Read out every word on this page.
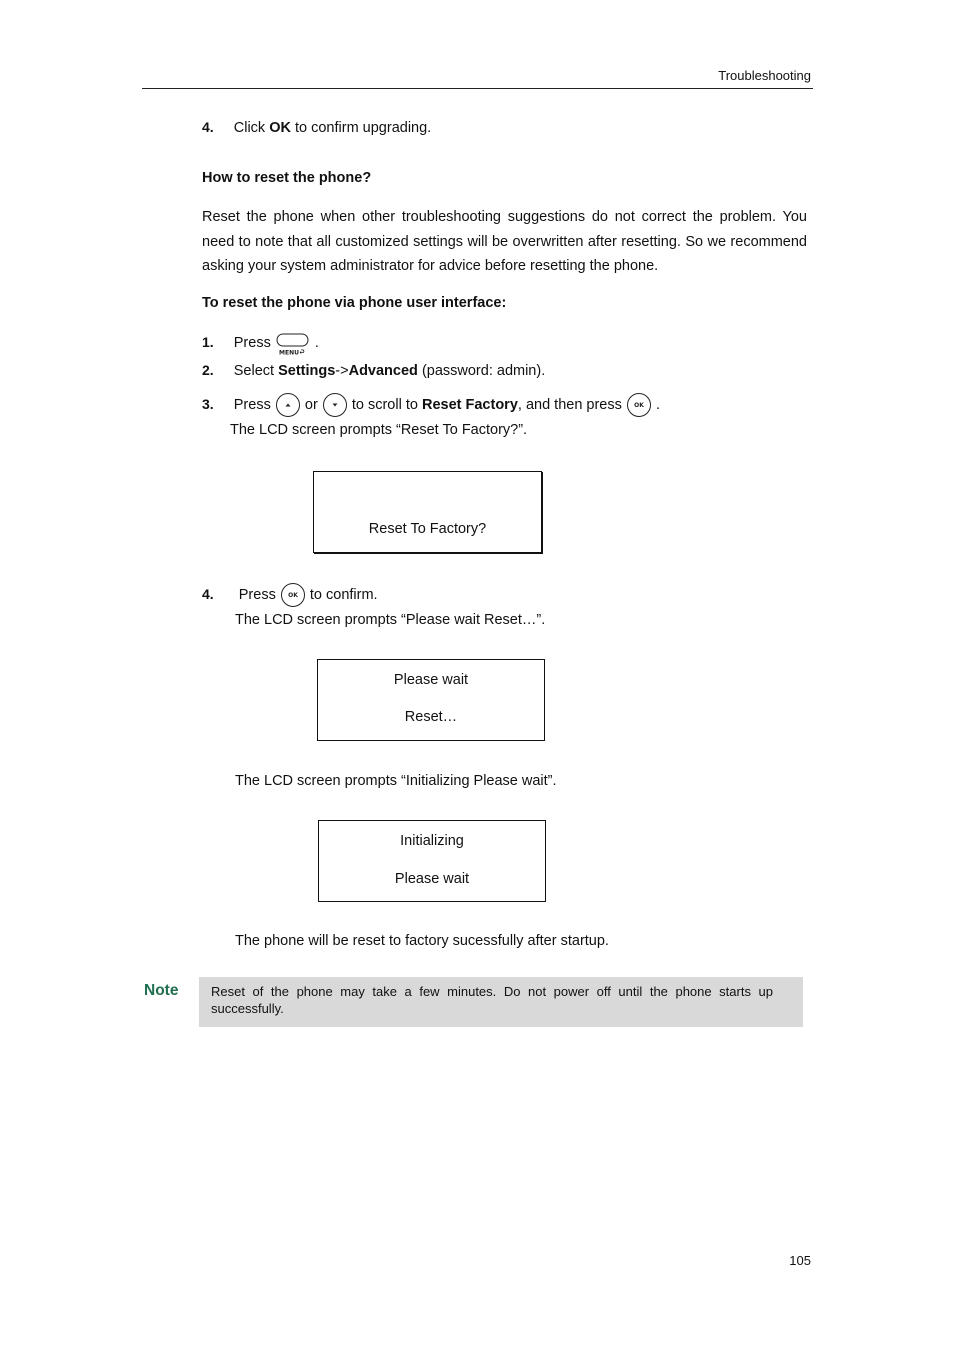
Troubleshooting
4. Click OK to confirm upgrading.
How to reset the phone?
Reset the phone when other troubleshooting suggestions do not correct the problem. You need to note that all customized settings will be overwritten after resetting. So we recommend asking your system administrator for advice before resetting the phone.
To reset the phone via phone user interface:
1. Press
MENU
.
2. Select Settings->Advanced (password: admin).
3. Press or to scroll to Reset Factory, and then press OK .
The LCD screen prompts “Reset To Factory?”.
Reset To Factory?
4. Press OK to confirm.
The LCD screen prompts “Please wait Reset…”.
Please wait
Reset…
The LCD screen prompts “Initializing Please wait”.
Initializing
Please wait
The phone will be reset to factory sucessfully after startup.
Note	Reset of the phone may take a few minutes. Do not power off until the phone starts up successfully.
105
